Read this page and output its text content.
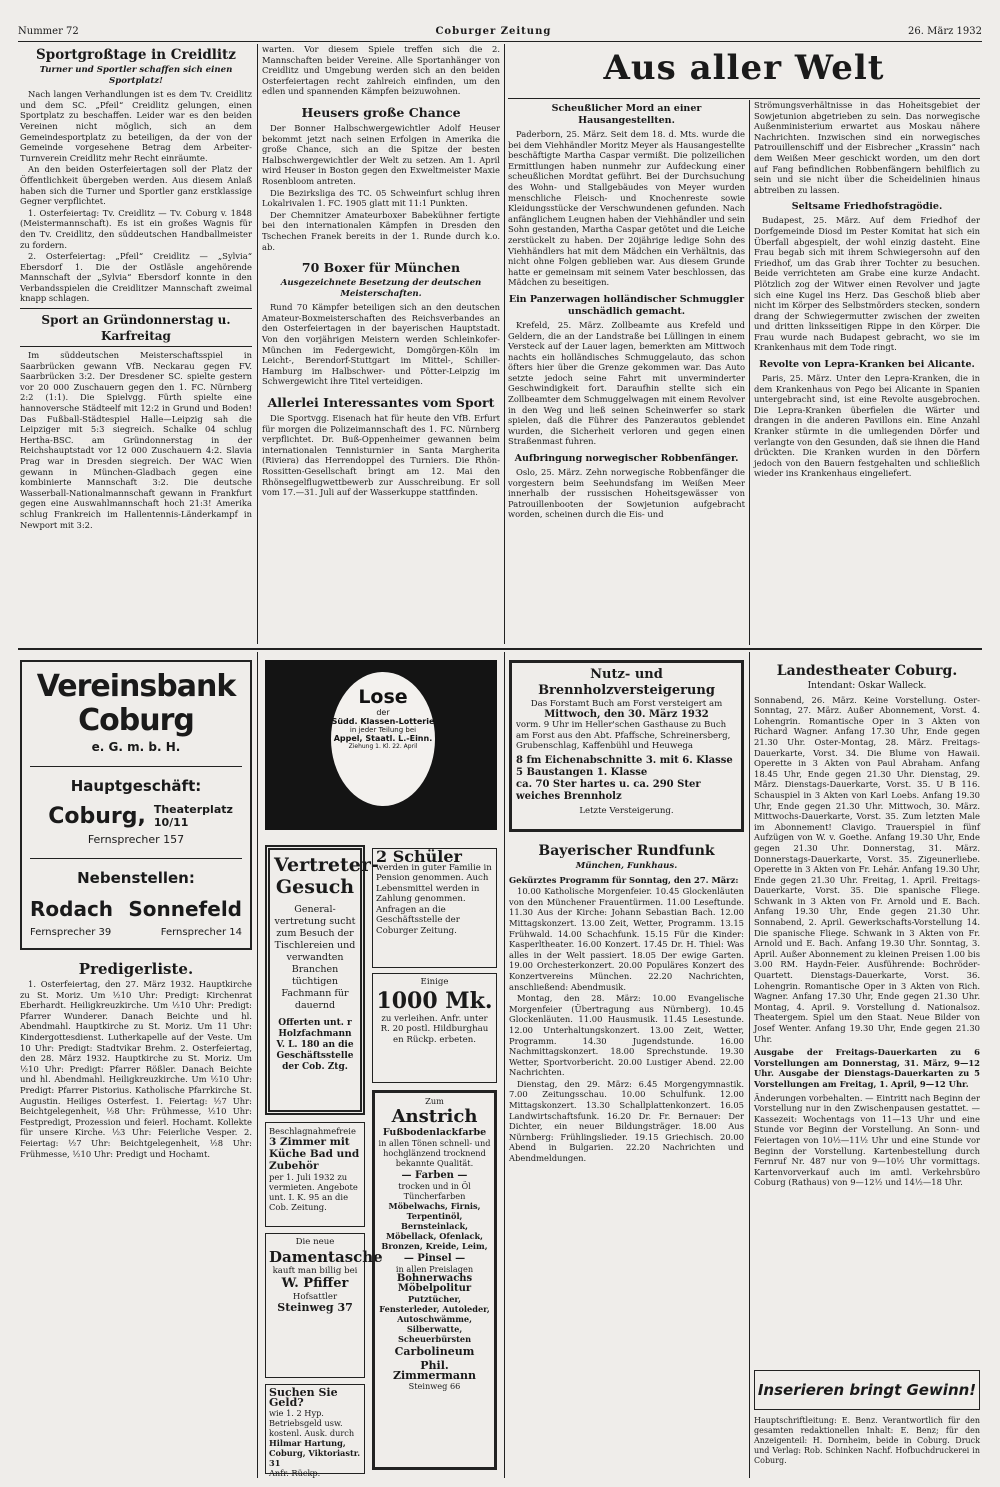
Nummer 72	Coburger Zeitung	26. März 1932
Sportgroßtage in Creidlitz
Turner und Sportler schaffen sich einen Sportplatz!

Nach langen Verhandlungen ist es dem Tv. Creidlitz und dem SC. „Pfeil“ Creidlitz gelungen, einen Sportplatz zu beschaffen. Leider war es den beiden Vereinen nicht möglich, sich an dem Gemeindesportplatz zu beteiligen, da der von der Gemeinde vorgesehene Betrag dem Arbeiter-Turnverein Creidlitz mehr Recht einräumte.

An den beiden Osterfeiertagen soll der Platz der Öffentlichkeit übergeben werden. Aus diesem Anlaß haben sich die Turner und Sportler ganz erstklassige Gegner verpflichtet.

1. Osterfeiertag: Tv. Creidlitz — Tv. Coburg v. 1848 (Meistermannschaft). Es ist ein großes Wagnis für den Tv. Creidlitz, den süddeutschen Handballmeister zu fordern.

2. Osterfeiertag: „Pfeil“ Creidlitz — „Sylvia“ Ebersdorf 1. Die der Ostläsle angehörende Mannschaft der „Sylvia“ Ebersdorf konnte in den Verbandsspielen die Creidlitzer Mannschaft zweimal knapp schlagen.

Sport an Gründonnerstag u. Karfreitag

Im süddeutschen Meisterschaftsspiel in Saarbrücken gewann VfB. Neckarau gegen FV. Saarbrücken 3:2. Der Dresdener SC. spielte gestern vor 20 000 Zuschauern gegen den 1. FC. Nürnberg 2:2 (1:1). Die Spielvgg. Fürth spielte eine hannoversche Städteelf mit 12:2 in Grund und Boden! Das Fußball-Städtespiel Halle—Leipzig sah die Leipziger mit 5:3 siegreich. Schalke 04 schlug Hertha-BSC. am Gründonnerstag in der Reichshauptstadt vor 12 000 Zuschauern 4:2. Slavia Prag war in Dresden siegreich. Der WAC Wien gewann in München-Gladbach gegen eine kombinierte Mannschaft 3:2. Die deutsche Wasserball-Nationalmannschaft gewann in Frankfurt gegen eine Auswahlmannschaft hoch 21:3! Amerika schlug Frankreich im Hallentennis-Länderkampf in Newport mit 3:2.

warten. Vor diesem Spiele treffen sich die 2. Mannschaften beider Vereine. Alle Sportanhänger von Creidlitz und Umgebung werden sich an den beiden Osterfeiertagen recht zahlreich einfinden, um den edlen und spannenden Kämpfen beizuwohnen.

Heusers große Chance

Der Bonner Halbschwergewichtler Adolf Heuser bekommt jetzt nach seinen Erfolgen in Amerika die große Chance, sich an die Spitze der besten Halbschwergewichtler der Welt zu setzen. Am 1. April wird Heuser in Boston gegen den Exweltmeister Maxie Rosenbloom antreten.

Die Bezirksliga des TC. 05 Schweinfurt schlug ihren Lokalrivalen 1. FC. 1905 glatt mit 11:1 Punkten.

Der Chemnitzer Amateurboxer Babekühner fertigte bei den internationalen Kämpfen in Dresden den Tschechen Franek bereits in der 1. Runde durch k.o. ab.

70 Boxer für München
Ausgezeichnete Besetzung der deutschen Meisterschaften.

Rund 70 Kämpfer beteiligen sich an den deutschen Amateur-Boxmeisterschaften des Reichsverbandes an den Osterfeiertagen in der bayerischen Hauptstadt. Von den vorjährigen Meistern werden Schleinkofer-München im Federgewicht, Domgörgen-Köln im Leicht-, Berendorf-Stuttgart im Mittel-, Schiller-Hamburg im Halbschwer- und Pötter-Leipzig im Schwergewicht ihre Titel verteidigen.

Allerlei Interessantes vom Sport

Die Sportvgg. Eisenach hat für heute den VfB. Erfurt für morgen die Polizeimannschaft des 1. FC. Nürnberg verpflichtet. Dr. Buß-Oppenheimer gewannen beim internationalen Tennisturnier in Santa Margherita (Riviera) das Herrendoppel des Turniers. Die Rhön-Rossitten-Gesellschaft bringt am 12. Mai den Rhönsegelflugwettbewerb zur Ausschreibung. Er soll vom 17.—31. Juli auf der Wasserkuppe stattfinden.

Aus aller Welt
Scheußlicher Mord an einer Hausangestellten.

Paderborn, 25. März. Seit dem 18. d. Mts. wurde die bei dem Viehhändler Moritz Meyer als Hausangestellte beschäftigte Martha Caspar vermißt. Die polizeilichen Ermittlungen haben nunmehr zur Aufdeckung einer scheußlichen Mordtat geführt. Bei der Durchsuchung des Wohn- und Stallgebäudes von Meyer wurden menschliche Fleisch- und Knochenreste sowie Kleidungsstücke der Verschwundenen gefunden. Nach anfänglichem Leugnen haben der Viehhändler und sein Sohn gestanden, Martha Caspar getötet und die Leiche zerstückelt zu haben. Der 20jährige ledige Sohn des Viehhändlers hat mit dem Mädchen ein Verhältnis, das nicht ohne Folgen geblieben war. Aus diesem Grunde hatte er gemeinsam mit seinem Vater beschlossen, das Mädchen zu beseitigen.

Ein Panzerwagen holländischer Schmuggler unschädlich gemacht.

Krefeld, 25. März. Zollbeamte aus Krefeld und Geldern, die an der Landstraße bei Lüllingen in einem Versteck auf der Lauer lagen, bemerkten am Mittwoch nachts ein holländisches Schmuggelauto, das schon öfters hier über die Grenze gekommen war. Das Auto setzte jedoch seine Fahrt mit unverminderter Geschwindigkeit fort. Daraufhin stellte sich ein Zollbeamter dem Schmuggelwagen mit einem Revolver in den Weg und ließ seinen Scheinwerfer so stark spielen, daß die Führer des Panzerautos geblendet wurden, die Sicherheit verloren und gegen einen Straßenmast fuhren.

Aufbringung norwegischer Robbenfänger.

Oslo, 25. März. Zehn norwegische Robbenfänger die vorgestern beim Seehundsfang im Weißen Meer innerhalb der russischen Hoheitsgewässer von Patrouillenbooten der Sowjetunion aufgebracht worden, scheinen durch die Eis- und

Strömungsverhältnisse in das Hoheitsgebiet der Sowjetunion abgetrieben zu sein. Das norwegische Außenministerium erwartet aus Moskau nähere Nachrichten. Inzwischen sind ein norwegisches Patrouillenschiff und der Eisbrecher „Krassin“ nach dem Weißen Meer geschickt worden, um den dort auf Fang befindlichen Robbenfängern behilflich zu sein und sie nicht über die Scheidelinien hinaus abtreiben zu lassen.

Seltsame Friedhofstragödie.

Budapest, 25. März. Auf dem Friedhof der Dorfgemeinde Diosd im Pester Komitat hat sich ein Überfall abgespielt, der wohl einzig dasteht. Eine Frau begab sich mit ihrem Schwiegersohn auf den Friedhof, um das Grab ihrer Tochter zu besuchen. Beide verrichteten am Grabe eine kurze Andacht. Plötzlich zog der Witwer einen Revolver und jagte sich eine Kugel ins Herz. Das Geschoß blieb aber nicht im Körper des Selbstmörders stecken, sondern drang der Schwiegermutter zwischen der zweiten und dritten linksseitigen Rippe in den Körper. Die Frau wurde nach Budapest gebracht, wo sie im Krankenhaus mit dem Tode ringt.

Revolte von Lepra-Kranken bei Alicante.

Paris, 25. März. Unter den Lepra-Kranken, die in dem Krankenhaus von Pego bei Alicante in Spanien untergebracht sind, ist eine Revolte ausgebrochen. Die Lepra-Kranken überfielen die Wärter und drangen in die anderen Pavillons ein. Eine Anzahl Kranker stürmte in die umliegenden Dörfer und verlangte von den Gesunden, daß sie ihnen die Hand drückten. Die Kranken wurden in den Dörfern jedoch von den Bauern festgehalten und schließlich wieder ins Krankenhaus eingeliefert.

Vereinsbank Coburg
e. G. m. b. H.
Hauptgeschäft:
Coburg, Theaterplatz 10/11
Fernsprecher 157
Nebenstellen:
Rodach Sonnefeld
Fernsprecher 39	Fernsprecher 14
Predigerliste.

1. Osterfeiertag, den 27. März 1932. Hauptkirche zu St. Moriz. Um ½10 Uhr: Predigt: Kirchenrat Eberhardt. Heiligkreuzkirche. Um ½10 Uhr: Predigt: Pfarrer Wunderer. Danach Beichte und hl. Abendmahl. Hauptkirche zu St. Moriz. Um 11 Uhr: Kindergottesdienst. Lutherkapelle auf der Veste. Um 10 Uhr: Predigt: Stadtvikar Brehm. 2. Osterfeiertag, den 28. März 1932. Hauptkirche zu St. Moriz. Um ½10 Uhr: Predigt: Pfarrer Rößler. Danach Beichte und hl. Abendmahl. Heiligkreuzkirche. Um ½10 Uhr: Predigt: Pfarrer Pistorius. Katholische Pfarrkirche St. Augustin. Heiliges Osterfest. 1. Feiertag: ½7 Uhr: Beichtgelegenheit, ½8 Uhr: Frühmesse, ½10 Uhr: Festpredigt, Prozession und feierl. Hochamt. Kollekte für unsere Kirche. ½3 Uhr: Feierliche Vesper. 2. Feiertag: ½7 Uhr: Beichtgelegenheit, ½8 Uhr: Frühmesse, ½10 Uhr: Predigt und Hochamt.

Lose
der
Südd. Klassen-Lotterie
in jeder Teilung bei
Appel, Staatl. L.-Einn.
Ziehung 1. Kl. 22. April
Vertreter-Gesuch
General-vertretung sucht zum Besuch der Tischlereien und verwandten Branchen tüchtigen Fachmann für dauernd
Offerten unt. r Holzfachmann V. L. 180 an die Geschäftsstelle der Cob. Ztg.
2 Schüler
werden in guter Familie in Pension genommen. Auch Lebensmittel werden in Zahlung genommen. Anfragen an die Geschäftsstelle der Coburger Zeitung.
Einige
1000 Mk.
zu verleihen. Anfr. unter R. 20 postl. Hildburghau en Rückp. erbeten.
Zum
Anstrich
Fußbodenlackfarbe
in allen Tönen schnell- und hochglänzend trocknend bekannte Qualität.
— Farben —
trocken und in Öl Tüncherfarben
Möbelwachs, Firnis, Terpentinöl, Bernsteinlack, Möbellack, Ofenlack, Bronzen, Kreide, Leim,
— Pinsel —
in allen Preislagen
Bohnerwachs
Möbelpolitur
Putztücher, Fensterleder, Autoleder, Autoschwämme, Silberwatte, Scheuerbürsten
Carbolineum
Phil. Zimmermann
Steinweg 66
Beschlagnahmefreie
3 Zimmer mit Küche Bad und Zubehör
per 1. Juli 1932 zu vermieten. Angebote unt. I. K. 95 an die Cob. Zeitung.
Die neue
Damentasche
kauft man billig bei
W. Pfiffer
Hofsattler
Steinweg 37
Suchen Sie Geld?
wie 1. 2 Hyp. Betriebsgeld usw. kostenl. Ausk. durch
Hilmar Hartung,
Coburg, Viktoriastr. 31
Anfr. Rückp.
Nutz- und Brennholzversteigerung
Das Forstamt Buch am Forst versteigert am
Mittwoch, den 30. März 1932
vorm. 9 Uhr im Heller'schen Gasthause zu Buch am Forst aus den Abt. Pfaffsche, Schreinersberg, Grubenschlag, Kaffenbühl und Heuwega
8 fm Eichenabschnitte 3. mit 6. Klasse
5 Baustangen 1. Klasse
ca. 70 Ster hartes u. ca. 290 Ster weiches Brennholz
Letzte Versteigerung.
Bayerischer Rundfunk
München, Funkhaus.

Gekürztes Programm für Sonntag, den 27. März:

10.00 Katholische Morgenfeier. 10.45 Glockenläuten von den Münchener Frauentürmen. 11.00 Leseftunde. 11.30 Aus der Kirche: Johann Sebastian Bach. 12.00 Mittagskonzert. 13.00 Zeit, Wetter, Programm. 13.15 Frühwald. 14.00 Schachfunk. 15.15 Für die Kinder: Kasperltheater. 16.00 Konzert. 17.45 Dr. H. Thiel: Was alles in der Welt passiert. 18.05 Der ewige Garten. 19.00 Orchesterkonzert. 20.00 Populäres Konzert des Konzertvereins München. 22.20 Nachrichten, anschließend: Abendmusik.

Montag, den 28. März: 10.00 Evangelische Morgenfeier (Übertragung aus Nürnberg). 10.45 Glockenläuten. 11.00 Hausmusik. 11.45 Lesestunde. 12.00 Unterhaltungskonzert. 13.00 Zeit, Wetter, Programm. 14.30 Jugendstunde. 16.00 Nachmittagskonzert. 18.00 Sprechstunde. 19.30 Wetter, Sportvorbericht. 20.00 Lustiger Abend. 22.00 Nachrichten.

Dienstag, den 29. März: 6.45 Morgengymnastik. 7.00 Zeitungsschau. 10.00 Schulfunk. 12.00 Mittagskonzert. 13.30 Schallplattenkonzert. 16.05 Landwirtschaftsfunk. 16.20 Dr. Fr. Bernauer: Der Dichter, ein neuer Bildungsträger. 18.00 Aus Nürnberg: Frühlingslieder. 19.15 Griechisch. 20.00 Abend in Bulgarien. 22.20 Nachrichten und Abendmeldungen.

Landestheater Coburg.
Intendant: Oskar Walleck.

Sonnabend, 26. März. Keine Vorstellung. Oster-Sonntag, 27. März. Außer Abonnement, Vorst. 4. Lohengrin. Romantische Oper in 3 Akten von Richard Wagner. Anfang 17.30 Uhr, Ende gegen 21.30 Uhr. Oster-Montag, 28. März. Freitags-Dauerkarte, Vorst. 34. Die Blume von Hawaii. Operette in 3 Akten von Paul Abraham. Anfang 18.45 Uhr, Ende gegen 21.30 Uhr. Dienstag, 29. März. Dienstags-Dauerkarte, Vorst. 35. U B 116. Schauspiel in 3 Akten von Karl Loebs. Anfang 19.30 Uhr, Ende gegen 21.30 Uhr. Mittwoch, 30. März. Mittwochs-Dauerkarte, Vorst. 35. Zum letzten Male im Abonnement! Clavigo. Trauerspiel in fünf Aufzügen von W. v. Goethe. Anfang 19.30 Uhr, Ende gegen 21.30 Uhr. Donnerstag, 31. März. Donnerstags-Dauerkarte, Vorst. 35. Zigeunerliebe. Operette in 3 Akten von Fr. Lehár. Anfang 19.30 Uhr, Ende gegen 21.30 Uhr. Freitag, 1. April. Freitags-Dauerkarte, Vorst. 35. Die spanische Fliege. Schwank in 3 Akten von Fr. Arnold und E. Bach. Anfang 19.30 Uhr, Ende gegen 21.30 Uhr. Sonnabend, 2. April. Gewerkschafts-Vorstellung 14. Die spanische Fliege. Schwank in 3 Akten von Fr. Arnold und E. Bach. Anfang 19.30 Uhr. Sonntag, 3. April. Außer Abonnement zu kleinen Preisen 1.00 bis 3.00 RM. Haydn-Feier. Ausführende: Bochröder-Quartett. Dienstags-Dauerkarte, Vorst. 36. Lohengrin. Romantische Oper in 3 Akten von Rich. Wagner. Anfang 17.30 Uhr, Ende gegen 21.30 Uhr. Montag, 4. April. 9. Vorstellung d. Nationalsoz. Theatergem. Spiel um den Staat. Neue Bilder von Josef Wenter. Anfang 19.30 Uhr, Ende gegen 21.30 Uhr.

Ausgabe der Freitags-Dauerkarten zu 6 Vorstellungen am Donnerstag, 31. März, 9—12 Uhr. Ausgabe der Dienstags-Dauerkarten zu 5 Vorstellungen am Freitag, 1. April, 9—12 Uhr.

Änderungen vorbehalten. — Eintritt nach Beginn der Vorstellung nur in den Zwischenpausen gestattet. — Kassezeit: Wochentags von 11—13 Uhr und eine Stunde vor Beginn der Vorstellung. An Sonn- und Feiertagen von 10½—11½ Uhr und eine Stunde vor Beginn der Vorstellung. Kartenbestellung durch Fernruf Nr. 487 nur von 9—10½ Uhr vormittags. Kartenvorverkauf auch im amtl. Verkehrsbüro Coburg (Rathaus) von 9—12½ und 14½—18 Uhr.

Inserieren bringt Gewinn!
Hauptschriftleitung: E. Benz. Verantwortlich für den gesamten redaktionellen Inhalt: E. Benz; für den Anzeigenteil: H. Dornheim, beide in Coburg. Druck und Verlag: Rob. Schinken Nachf. Hofbuchdruckerei in Coburg.
